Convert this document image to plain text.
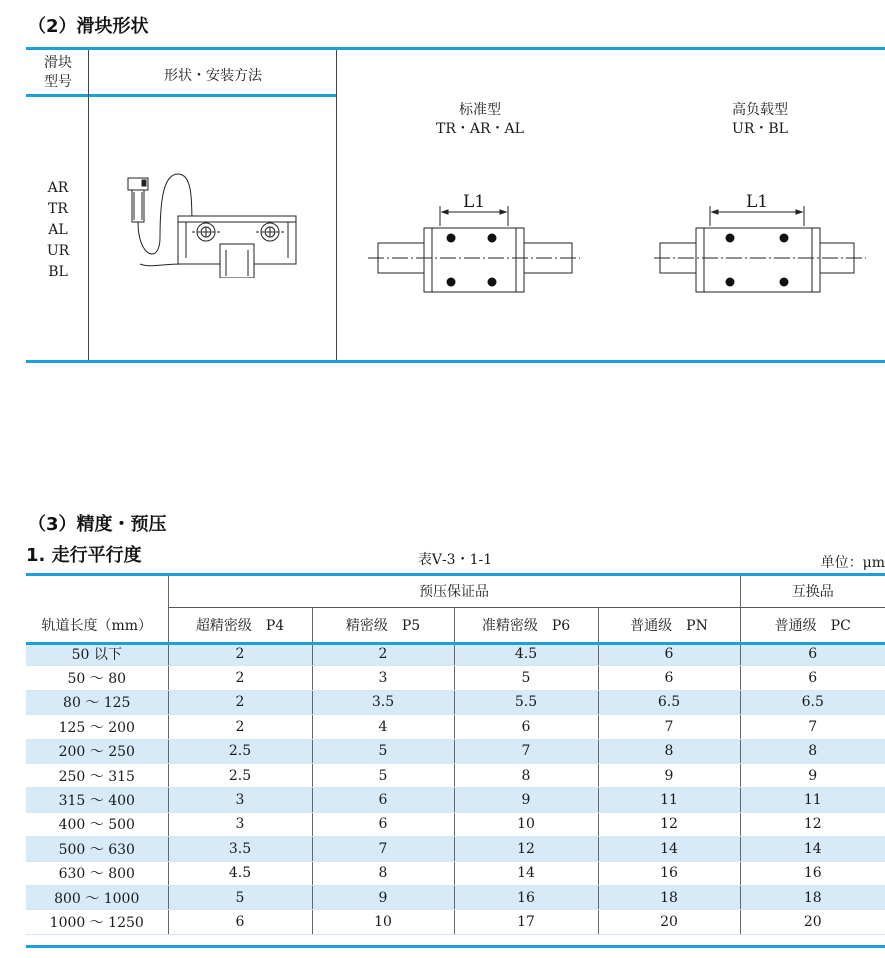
（2）滑块形状
滑块
型号	形状・安装方法
AR
TR
AL
UR
BL
标准型
TR・AR・AL
L1
高负载型
UR・BL
L1
（3）精度・预压
1. 走行平行度	表Ⅴ-3・1-1	单位：μm
	预压保证品				互换品
轨道长度（mm）	超精密级　P4	精密级　P5	准精密级　P6	普通级　PN	普通级　PC
50 以下	2	2	4.5	6	6
50 ～ 80	2	3	5	6	6
80 ～ 125	2	3.5	5.5	6.5	6.5
125 ～ 200	2	4	6	7	7
200 ～ 250	2.5	5	7	8	8
250 ～ 315	2.5	5	8	9	9
315 ～ 400	3	6	9	11	11
400 ～ 500	3	6	10	12	12
500 ～ 630	3.5	7	12	14	14
630 ～ 800	4.5	8	14	16	16
800 ～ 1000	5	9	16	18	18
1000 ～ 1250	6	10	17	20	20
